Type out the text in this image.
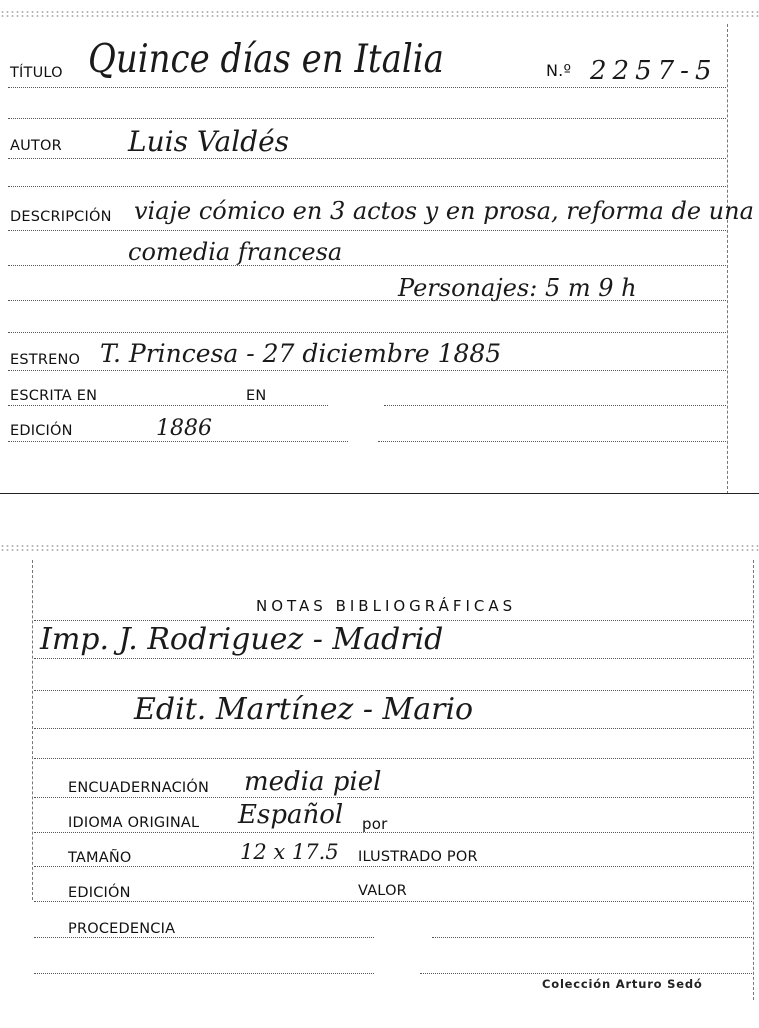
TÍTULO Quince días en Italia	N.º 2257-5
AUTOR Luis Valdés
DESCRIPCIÓN viaje cómico en 3 actos y en prosa, reforma de una
comedia francesa
Personajes: 5 m 9 h
ESTRENO T. Princesa - 27 diciembre 1885
ESCRITA EN	EN
EDICIÓN	1886
NOTAS BIBLIOGRÁFICAS
Imp. J. Rodriguez - Madrid
Edit. Martínez - Mario
ENCUADERNACIÓN media piel
IDIOMA ORIGINAL Español por
TAMAÑO	12 x 17.5 ILUSTRADO POR
EDICIÓN	VALOR
PROCEDENCIA
Colección Arturo Sedó
